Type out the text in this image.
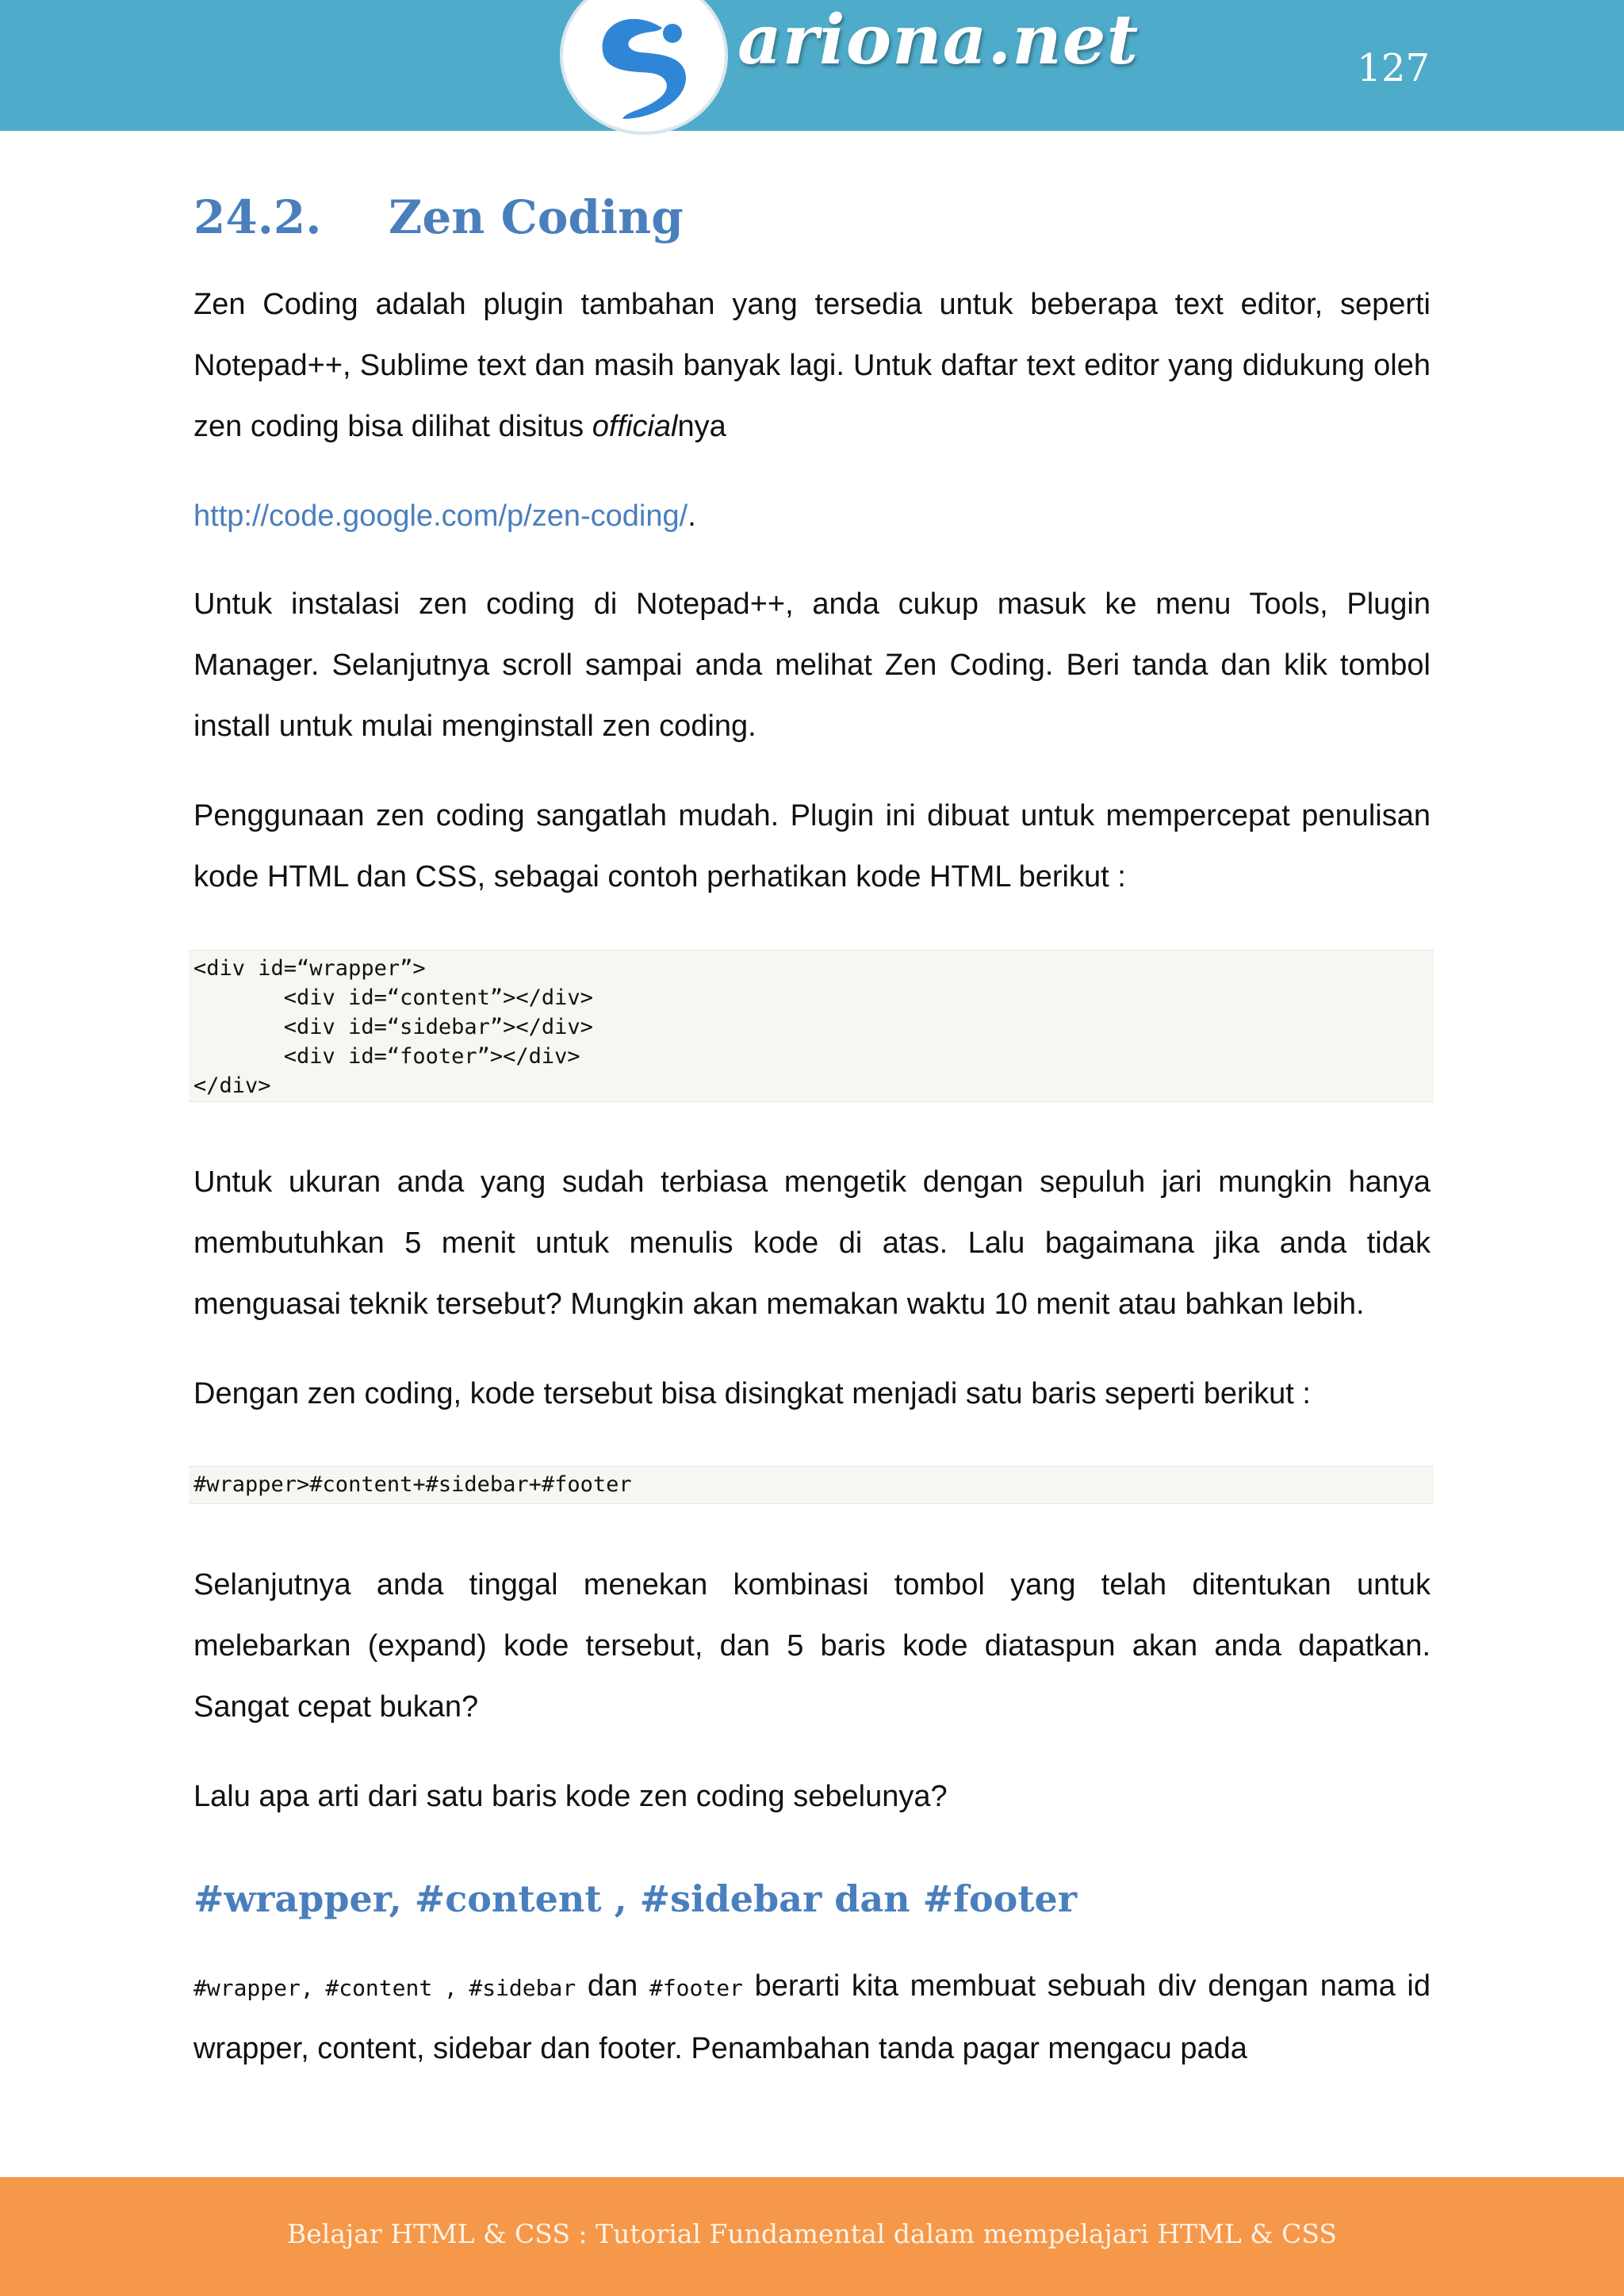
ariona.net	127
24.2. Zen Coding
Zen Coding adalah plugin tambahan yang tersedia untuk beberapa text editor, seperti Notepad++, Sublime text dan masih banyak lagi. Untuk daftar text editor yang didukung oleh zen coding bisa dilihat disitus officialnya
http://code.google.com/p/zen-coding/.
Untuk instalasi zen coding di Notepad++, anda cukup masuk ke menu Tools, Plugin Manager. Selanjutnya scroll sampai anda melihat Zen Coding. Beri tanda dan klik tombol install untuk mulai menginstall zen coding.
Penggunaan zen coding sangatlah mudah. Plugin ini dibuat untuk mempercepat penulisan kode HTML dan CSS, sebagai contoh perhatikan kode HTML berikut :
<div id=“wrapper”>
<div id=“content”></div>
<div id=“sidebar”></div>
<div id=“footer”></div>
</div>
Untuk ukuran anda yang sudah terbiasa mengetik dengan sepuluh jari mungkin hanya membutuhkan 5 menit untuk menulis kode di atas. Lalu bagaimana jika anda tidak menguasai teknik tersebut? Mungkin akan memakan waktu 10 menit atau bahkan lebih.
Dengan zen coding, kode tersebut bisa disingkat menjadi satu baris seperti berikut :
#wrapper>#content+#sidebar+#footer
Selanjutnya anda tinggal menekan kombinasi tombol yang telah ditentukan untuk melebarkan (expand) kode tersebut, dan 5 baris kode diataspun akan anda dapatkan. Sangat cepat bukan?
Lalu apa arti dari satu baris kode zen coding sebelunya?
#wrapper, #content , #sidebar dan #footer
#wrapper, #content , #sidebar dan #footer berarti kita membuat sebuah div dengan nama id wrapper, content, sidebar dan footer. Penambahan tanda pagar mengacu pada
Belajar HTML & CSS : Tutorial Fundamental dalam mempelajari HTML & CSS
